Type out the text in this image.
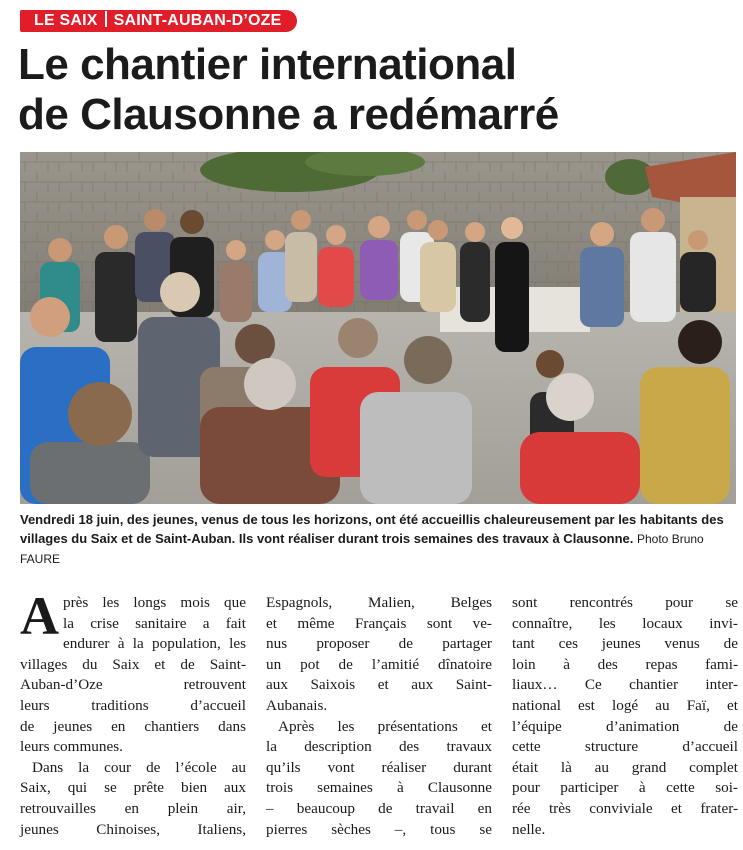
LE SAIX SAINT-AUBAN-D’OZE
Le chantier international
de Clausonne a redémarré

Vendredi 18 juin, des jeunes, venus de tous les horizons, ont été accueillis chaleureusement par les habitants des villages du Saix et de Saint-Auban. Ils vont réaliser durant trois semaines des travaux à Clausonne. Photo Bruno FAURE

A près les longs mois que
la crise sanitaire a fait
endurer à la population, les
villages du Saix et de Saint-
Auban-d’Oze retrouvent
leurs traditions d’accueil
de jeunes en chantiers dans
leurs communes.
Dans la cour de l’école au
Saix, qui se prête bien aux
retrouvailles en plein air,
jeunes Chinoises, Italiens,
Espagnols, Malien, Belges
et même Français sont ve-
nus proposer de partager
un pot de l’amitié dînatoire
aux Saixois et aux Saint-
Aubanais.
Après les présentations et
la description des travaux
qu’ils vont réaliser durant
trois semaines à Clausonne
– beaucoup de travail en
pierres sèches –, tous se
sont rencontrés pour se
connaître, les locaux invi-
tant ces jeunes venus de
loin à des repas fami-
liaux… Ce chantier inter-
national est logé au Faï, et
l’équipe d’animation de
cette structure d’accueil
était là au grand complet
pour participer à cette soi-
rée très conviviale et frater-
nelle.
